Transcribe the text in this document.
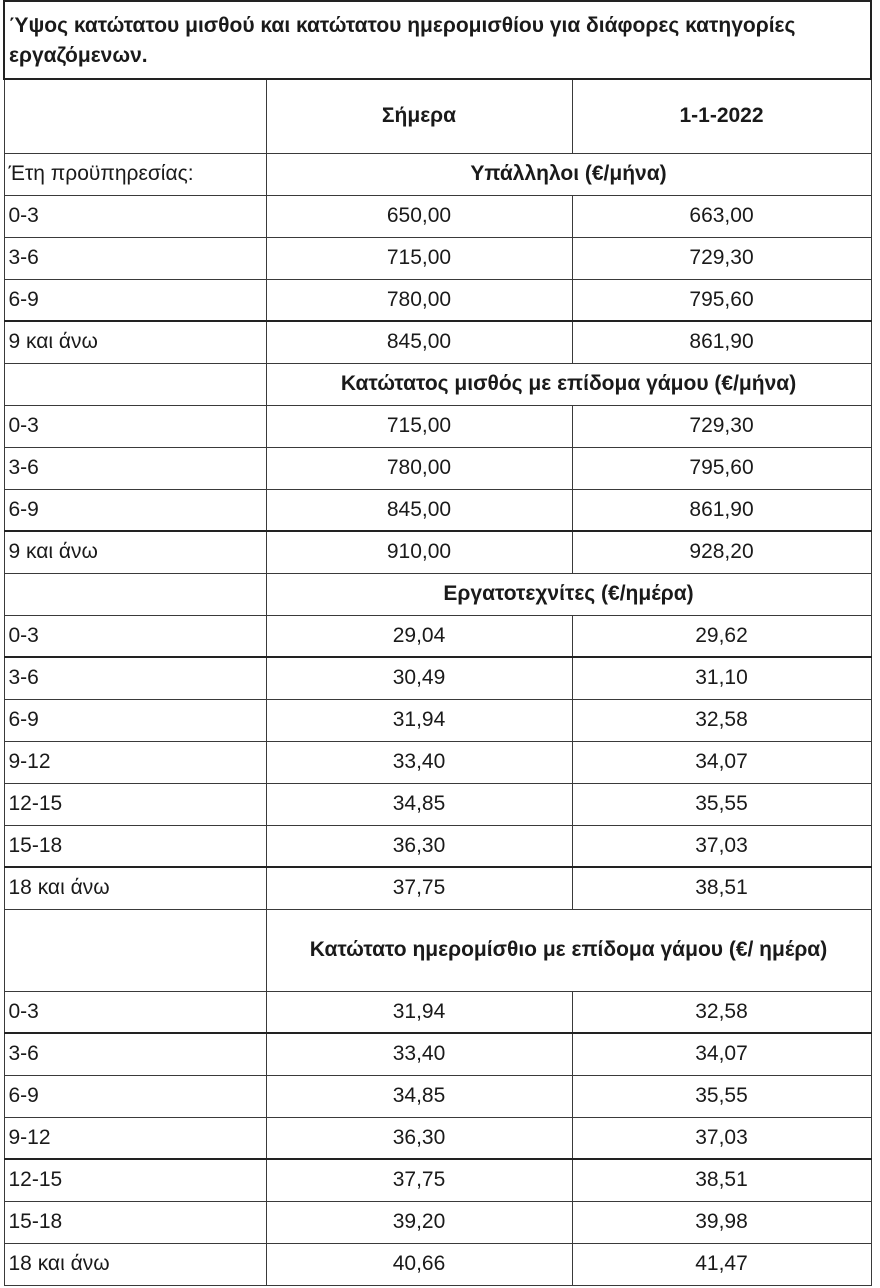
Ύψος κατώτατου μισθού και κατώτατου ημερομισθίου για διάφορες κατηγορίες εργαζόμενων.		
	Σήμερα	1-1-2022
Έτη προϋπηρεσίας:	Υπάλληλοι (€/μήνα)	
0-3	650,00	663,00
3-6	715,00	729,30
6-9	780,00	795,60
9 και άνω	845,00	861,90
	Κατώτατος μισθός με επίδομα γάμου (€/μήνα)	
0-3	715,00	729,30
3-6	780,00	795,60
6-9	845,00	861,90
9 και άνω	910,00	928,20
	Εργατοτεχνίτες (€/ημέρα)	
0-3	29,04	29,62
3-6	30,49	31,10
6-9	31,94	32,58
9-12	33,40	34,07
12-15	34,85	35,55
15-18	36,30	37,03
18 και άνω	37,75	38,51
	Κατώτατο ημερομίσθιο με επίδομα γάμου (€/ ημέρα)	
0-3	31,94	32,58
3-6	33,40	34,07
6-9	34,85	35,55
9-12	36,30	37,03
12-15	37,75	38,51
15-18	39,20	39,98
18 και άνω	40,66	41,47
